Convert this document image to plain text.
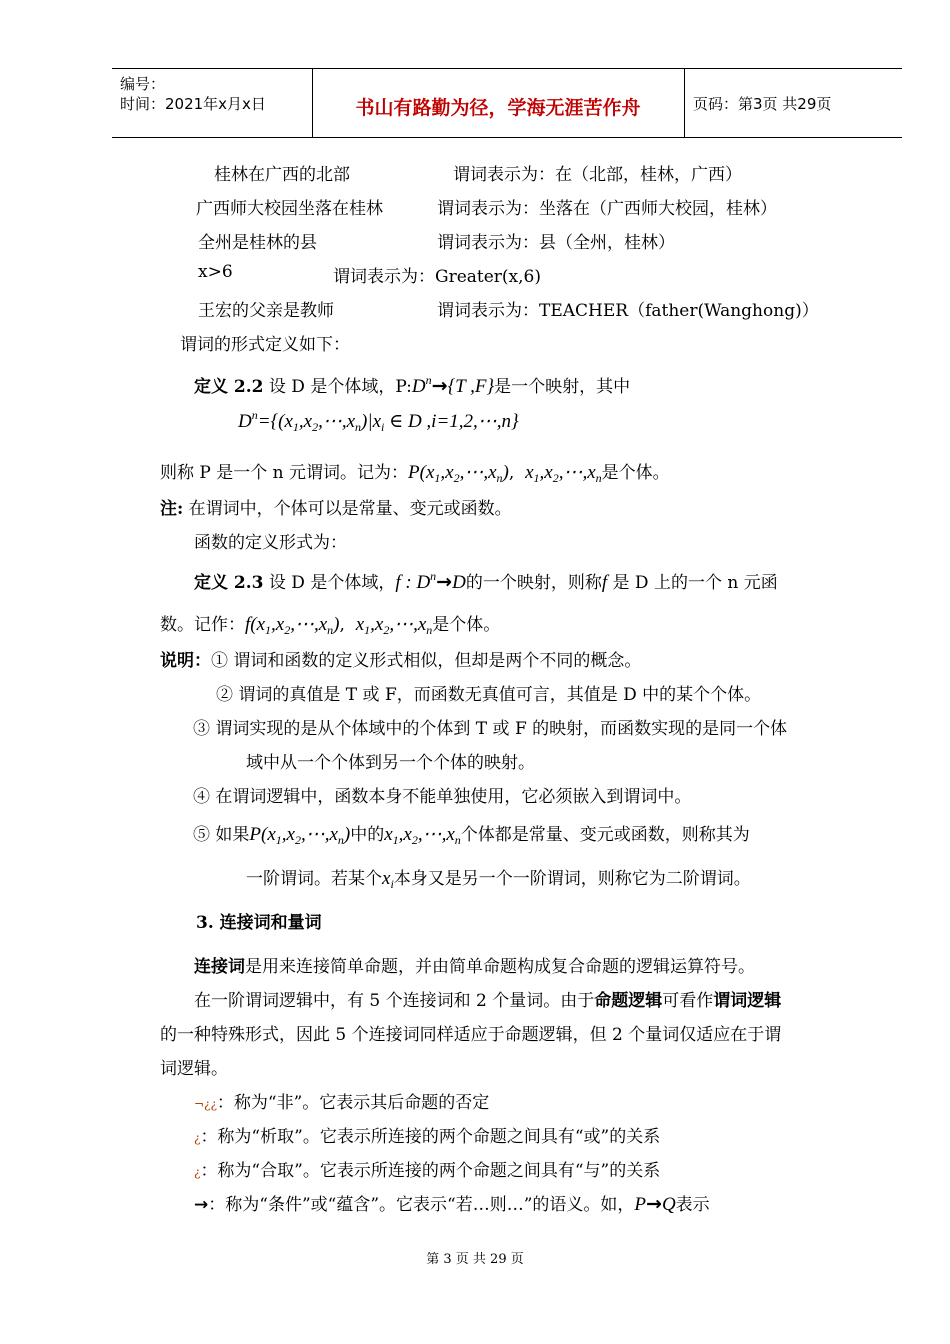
编号：
时间：2021年x月x日	书山有路勤为径，学海无涯苦作舟	页码：第3页 共29页
桂林在广西的北部	谓词表示为：在（北部，桂林，广西）
广西师大校园坐落在桂林	谓词表示为：坐落在（广西师大校园，桂林）
全州是桂林的县	谓词表示为：县（全州，桂林）
x>6	谓词表示为：Greater(x,6)
王宏的父亲是教师	谓词表示为：TEACHER（father(Wanghong)）
谓词的形式定义如下：
定义 2.2 设 D 是个体域，$P:D^n\to\{T$ ,F}是一个映射，其中
$D^n=\{(x_1,x_2,\cdots,x_n)|x_i$ ∈ D ,i=1,2,⋯,n}
则称 P 是一个 n 元谓词。记为：$P(x_1,x_2,\cdots,x_n)$,  $x_1,x_2,\cdots,x_n$是个体。
注: 在谓词中，个体可以是常量、变元或函数。
函数的定义形式为：
定义 2.3 设 D 是个体域，f : $D^n\to D$的一个映射，则称f 是 D 上的一个 n 元函
数。记作：$f(x_1,x_2,\cdots,x_n)$,  $x_1,x_2,\cdots,x_n$是个体。
说明：① 谓词和函数的定义形式相似，但却是两个不同的概念。
② 谓词的真值是 T 或 F，而函数无真值可言，其值是 D 中的某个个体。
③ 谓词实现的是从个体域中的个体到 T 或 F 的映射，而函数实现的是同一个体
域中从一个个体到另一个个体的映射。
④ 在谓词逻辑中，函数本身不能单独使用，它必须嵌入到谓词中。
⑤ 如果$P(x_1,x_2,\cdots,x_n)$中的$x_1,x_2,\cdots,x_n$个体都是常量、变元或函数，则称其为
一阶谓词。若某个$x_i$本身又是另一个一阶谓词，则称它为二阶谓词。
3. 连接词和量词
连接词是用来连接简单命题，并由简单命题构成复合命题的逻辑运算符号。
在一阶谓词逻辑中，有 5 个连接词和 2 个量词。由于命题逻辑可看作谓词逻辑
的一种特殊形式，因此 5 个连接词同样适应于命题逻辑，但 2 个量词仅适应在于谓
词逻辑。
¬¿¿：称为“非”。它表示其后命题的否定
¿：称为“析取”。它表示所连接的两个命题之间具有“或”的关系
¿：称为“合取”。它表示所连接的两个命题之间具有“与”的关系
→：称为“条件”或“蕴含”。它表示“若…则…”的语义。如，P→Q表示
第 3 页 共 29 页
